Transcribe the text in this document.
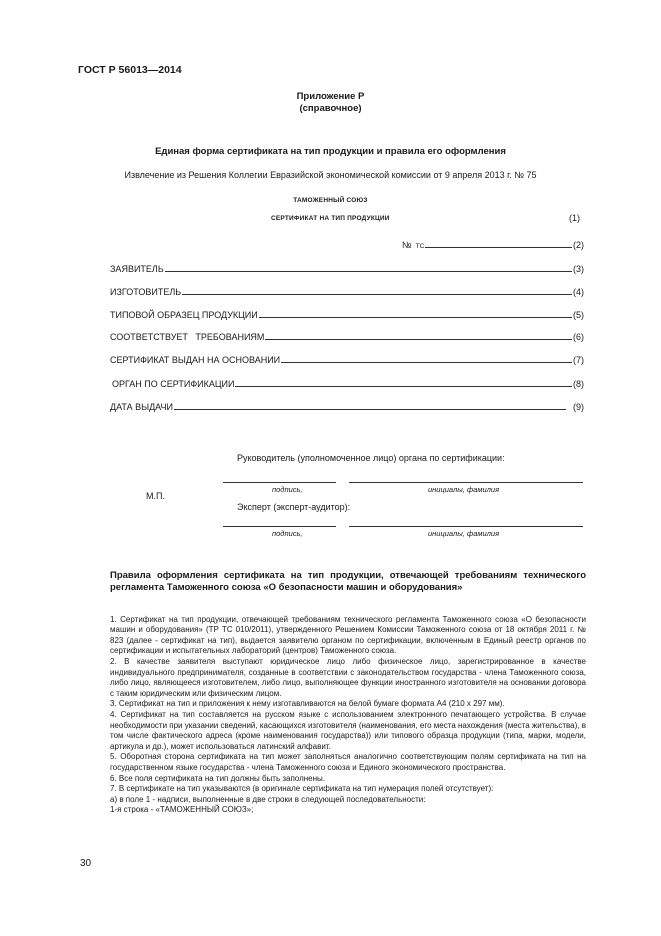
ГОСТ Р 56013—2014
Приложение Р
(справочное)
Единая форма сертификата на тип продукции и правила его оформления
Извлечение из Решения Коллегии Евразийской экономической комиссии от 9 апреля 2013 г. № 75
ТАМОЖЕННЫЙ СОЮЗ
СЕРТИФИКАТ НА ТИП ПРОДУКЦИИ	(1)
№ ТС	(2)
ЗАЯВИТЕЛЬ	(3)
ИЗГОТОВИТЕЛЬ	(4)
ТИПОВОЙ ОБРАЗЕЦ ПРОДУКЦИИ	(5)
СООТВЕТСТВУЕТ   ТРЕБОВАНИЯМ	(6)
СЕРТИФИКАТ ВЫДАН НА ОСНОВАНИИ	(7)
ОРГАН ПО СЕРТИФИКАЦИИ	(8)
ДАТА ВЫДАЧИ	(9)
Руководитель (уполномоченное лицо) органа по сертификации:
подпись,	инициалы, фамилия
М.П.
Эксперт (эксперт-аудитор):
подпись,	инициалы, фамилия
Правила оформления сертификата на тип продукции, отвечающей требованиям технического регламента Таможенного союза «О безопасности машин и оборудования»

1. Сертификат на тип продукции, отвечающей требованиям технического регламента Таможенного союза «О безопасности машин и оборудования» (ТР ТС 010/2011), утвержденного Решением Комиссии Таможенного союза от 18 октября 2011 г. № 823 (далее - сертификат на тип), выдается заявителю органом по сертификации, включенным в Единый реестр органов по сертификации и испытательных лабораторий (центров) Таможенного союза.

2. В качестве заявителя выступают юридическое лицо либо физическое лицо, зарегистрированное в качестве индивидуального предпринимателя, созданные в соответствии с законодательством государства - члена Таможенного союза, либо лицо, являющееся изготовителем, либо лицо, выполняющее функции иностранного изготовителя на основании договора с таким юридическим или физическим лицом.

3. Сертификат на тип и приложения к нему изготавливаются на белой бумаге формата А4 (210 х 297 мм).

4. Сертификат на тип составляется на русском языке с использованием электронного печатающего устройства. В случае необходимости при указании сведений, касающихся изготовителя (наименования, его места нахождения (места жительства), в том числе фактического адреса (кроме наименования государства)) или типового образца продукции (типа, марки, модели, артикула и др.), может использоваться латинский алфавит.

5. Оборотная сторона сертификата на тип может заполняться аналогично соответствующим полям сертификата на тип на государственном языке государства - члена Таможенного союза и Единого экономического пространства.

6. Все поля сертификата на тип должны быть заполнены.

7. В сертификате на тип указываются (в оригинале сертификата на тип нумерация полей отсутствует):

а) в поле 1 - надписи, выполненные в две строки в следующей последовательности:

1-я строка - «ТАМОЖЕННЫЙ СОЮЗ»;

30
